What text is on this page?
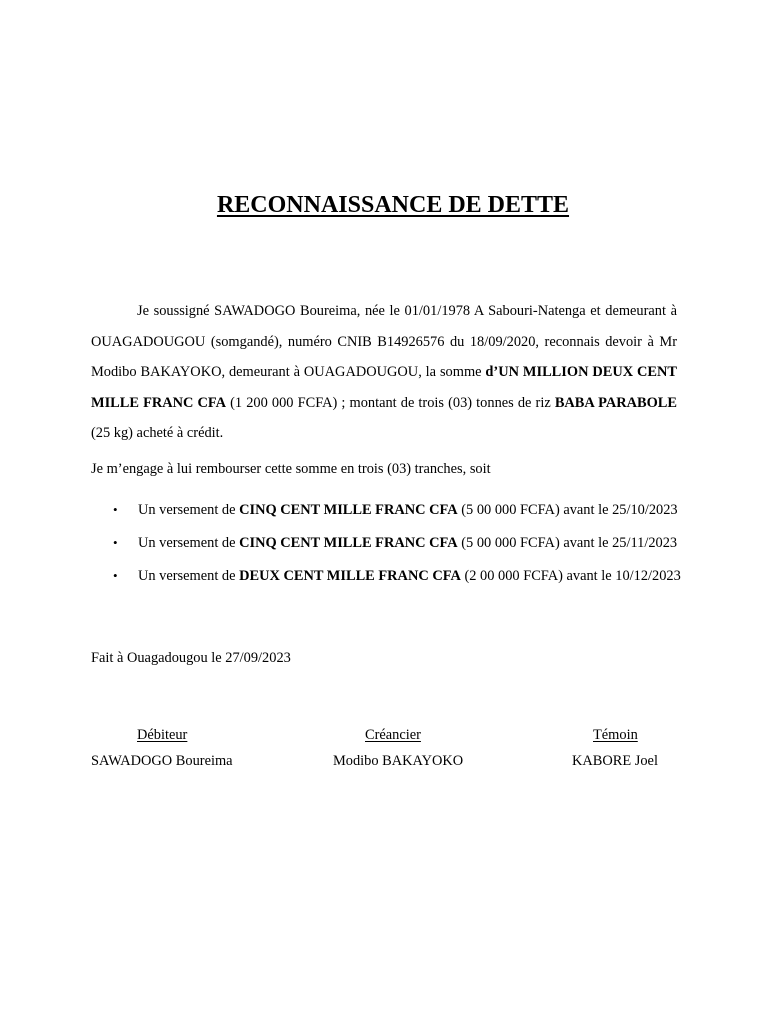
RECONNAISSANCE DE DETTE

Je soussigné SAWADOGO Boureima, née le 01/01/1978 A Sabouri-Natenga et demeurant à OUAGADOUGOU (somgandé), numéro CNIB B14926576 du 18/09/2020, reconnais devoir à Mr Modibo BAKAYOKO, demeurant à OUAGADOUGOU, la somme d’UN MILLION DEUX CENT MILLE FRANC CFA (1 200 000 FCFA) ; montant de trois (03) tonnes de riz BABA PARABOLE (25 kg) acheté à crédit.

Je m’engage à lui rembourser cette somme en trois (03) tranches, soit
• Un versement de CINQ CENT MILLE FRANC CFA (5 00 000 FCFA) avant le 25/10/2023
• Un versement de CINQ CENT MILLE FRANC CFA (5 00 000 FCFA) avant le 25/11/2023
• Un versement de DEUX CENT MILLE FRANC CFA (2 00 000 FCFA) avant le 10/12/2023
Fait à Ouagadougou le 27/09/2023
Débiteur
SAWADOGO Boureima
Créancier
Modibo BAKAYOKO
Témoin
KABORE Joel
